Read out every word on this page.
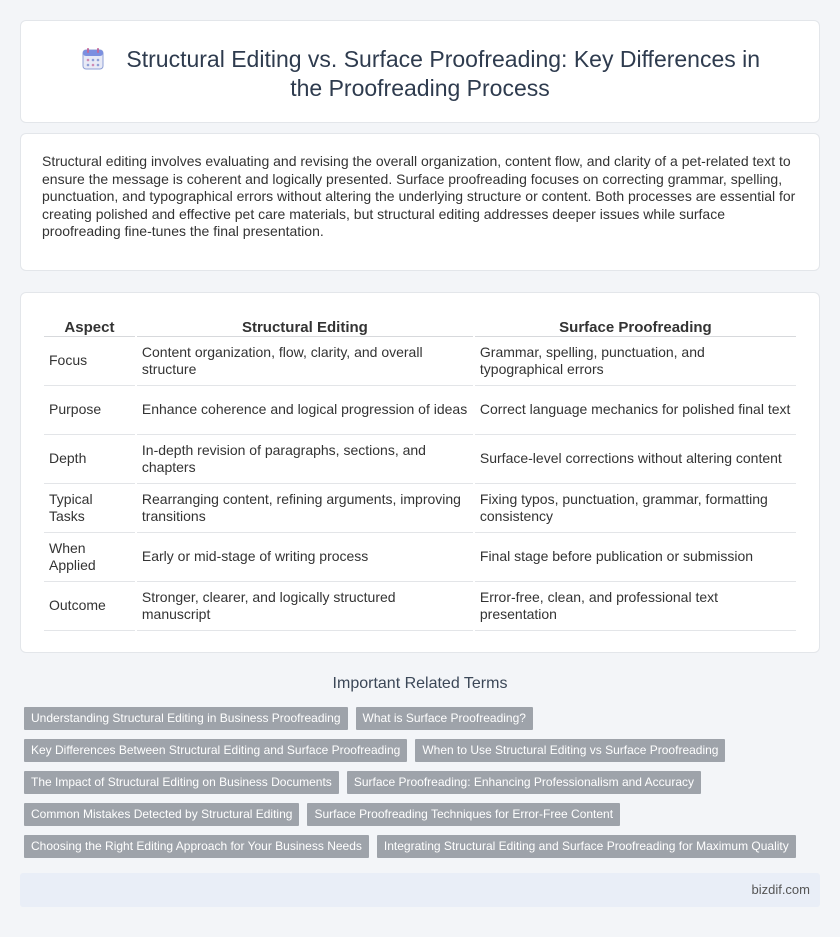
Structural Editing vs. Surface Proofreading: Key Differences in the Proofreading Process

Structural editing involves evaluating and revising the overall organization, content flow, and clarity of a pet-related text to ensure the message is coherent and logically presented. Surface proofreading focuses on correcting grammar, spelling, punctuation, and typographical errors without altering the underlying structure or content. Both processes are essential for creating polished and effective pet care materials, but structural editing addresses deeper issues while surface proofreading fine-tunes the final presentation.

Aspect	Structural Editing	Surface Proofreading
Focus	Content organization, flow, clarity, and overall structure	Grammar, spelling, punctuation, and typographical errors
Purpose	Enhance coherence and logical progression of ideas	Correct language mechanics for polished final text
Depth	In-depth revision of paragraphs, sections, and chapters	Surface-level corrections without altering content
Typical Tasks	Rearranging content, refining arguments, improving transitions	Fixing typos, punctuation, grammar, formatting consistency
When Applied	Early or mid-stage of writing process	Final stage before publication or submission
Outcome	Stronger, clearer, and logically structured manuscript	Error-free, clean, and professional text presentation
Important Related Terms
Understanding Structural Editing in Business Proofreading	What is Surface Proofreading?
Key Differences Between Structural Editing and Surface Proofreading	When to Use Structural Editing vs Surface Proofreading
The Impact of Structural Editing on Business Documents	Surface Proofreading: Enhancing Professionalism and Accuracy
Common Mistakes Detected by Structural Editing	Surface Proofreading Techniques for Error-Free Content
Choosing the Right Editing Approach for Your Business Needs	Integrating Structural Editing and Surface Proofreading for Maximum Quality
bizdif.com
